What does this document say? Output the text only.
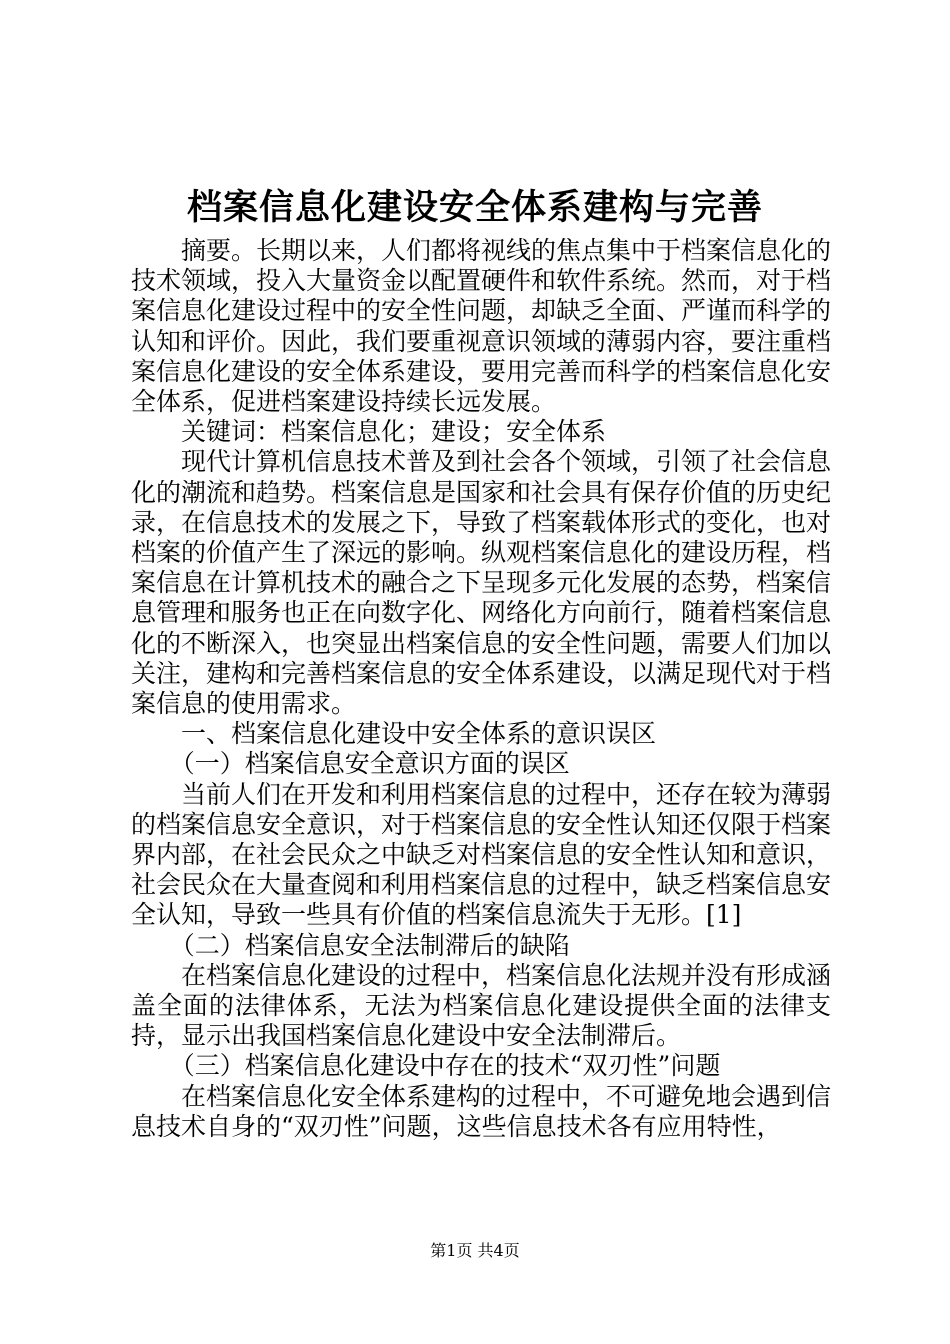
档案信息化建设安全体系建构与完善

摘要。长期以来，人们都将视线的焦点集中于档案信息化的技术领域，投入大量资金以配置硬件和软件系统。然而，对于档案信息化建设过程中的安全性问题，却缺乏全面、严谨而科学的认知和评价。因此，我们要重视意识领域的薄弱内容，要注重档案信息化建设的安全体系建设，要用完善而科学的档案信息化安全体系，促进档案建设持续长远发展。

关键词：档案信息化；建设；安全体系

现代计算机信息技术普及到社会各个领域，引领了社会信息化的潮流和趋势。档案信息是国家和社会具有保存价值的历史纪录，在信息技术的发展之下，导致了档案载体形式的变化，也对档案的价值产生了深远的影响。纵观档案信息化的建设历程，档案信息在计算机技术的融合之下呈现多元化发展的态势，档案信息管理和服务也正在向数字化、网络化方向前行，随着档案信息化的不断深入，也突显出档案信息的安全性问题，需要人们加以关注，建构和完善档案信息的安全体系建设，以满足现代对于档案信息的使用需求。

一、档案信息化建设中安全体系的意识误区

（一）档案信息安全意识方面的误区

当前人们在开发和利用档案信息的过程中，还存在较为薄弱的档案信息安全意识，对于档案信息的安全性认知还仅限于档案界内部，在社会民众之中缺乏对档案信息的安全性认知和意识，社会民众在大量查阅和利用档案信息的过程中，缺乏档案信息安全认知，导致一些具有价值的档案信息流失于无形。[1]

（二）档案信息安全法制滞后的缺陷

在档案信息化建设的过程中，档案信息化法规并没有形成涵盖全面的法律体系，无法为档案信息化建设提供全面的法律支持，显示出我国档案信息化建设中安全法制滞后。

（三）档案信息化建设中存在的技术“双刃性”问题

在档案信息化安全体系建构的过程中，不可避免地会遇到信息技术自身的“双刃性”问题，这些信息技术各有应用特性，

第1页 共4页
